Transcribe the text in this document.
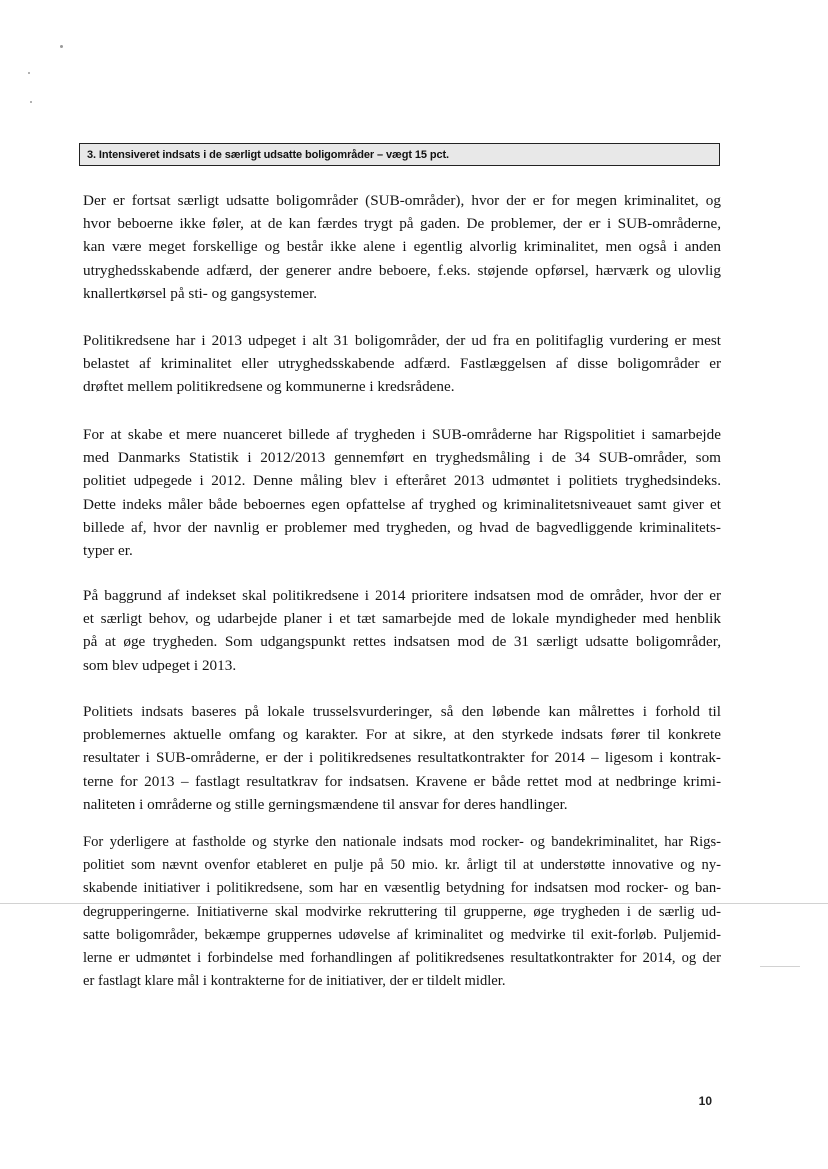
3. Intensiveret indsats i de særligt udsatte boligområder – vægt 15 pct.
Der er fortsat særligt udsatte boligområder (SUB-områder), hvor der er for megen kriminalitet, og
hvor beboerne ikke føler, at de kan færdes trygt på gaden. De problemer, der er i SUB-områderne,
kan være meget forskellige og består ikke alene i egentlig alvorlig kriminalitet, men også i anden
utryghedsskabende adfærd, der generer andre beboere, f.eks. støjende opførsel, hærværk og ulovlig
knallertkørsel på sti- og gangsystemer.
Politikredsene har i 2013 udpeget i alt 31 boligområder, der ud fra en politifaglig vurdering er mest
belastet af kriminalitet eller utryghedsskabende adfærd. Fastlæggelsen af disse boligområder er
drøftet mellem politikredsene og kommunerne i kredsrådene.
For at skabe et mere nuanceret billede af trygheden i SUB-områderne har Rigspolitiet i samarbejde
med Danmarks Statistik i 2012/2013 gennemført en tryghedsmåling i de 34 SUB-områder, som
politiet udpegede i 2012. Denne måling blev i efteråret 2013 udmøntet i politiets tryghedsindeks.
Dette indeks måler både beboernes egen opfattelse af tryghed og kriminalitetsniveauet samt giver et
billede af, hvor der navnlig er problemer med trygheden, og hvad de bagvedliggende kriminalitets-
typer er.
På baggrund af indekset skal politikredsene i 2014 prioritere indsatsen mod de områder, hvor der er
et særligt behov, og udarbejde planer i et tæt samarbejde med de lokale myndigheder med henblik
på at øge trygheden. Som udgangspunkt rettes indsatsen mod de 31 særligt udsatte boligområder,
som blev udpeget i 2013.
Politiets indsats baseres på lokale trusselsvurderinger, så den løbende kan målrettes i forhold til
problemernes aktuelle omfang og karakter. For at sikre, at den styrkede indsats fører til konkrete
resultater i SUB-områderne, er der i politikredsenes resultatkontrakter for 2014 – ligesom i kontrak-
terne for 2013 – fastlagt resultatkrav for indsatsen. Kravene er både rettet mod at nedbringe krimi-
naliteten i områderne og stille gerningsmændene til ansvar for deres handlinger.
For yderligere at fastholde og styrke den nationale indsats mod rocker- og bandekriminalitet, har Rigs-
politiet som nævnt ovenfor etableret en pulje på 50 mio. kr. årligt til at understøtte innovative og ny-
skabende initiativer i politikredsene, som har en væsentlig betydning for indsatsen mod rocker- og ban-
degrupperingerne. Initiativerne skal modvirke rekruttering til grupperne, øge trygheden i de særlig ud-
satte boligområder, bekæmpe gruppernes udøvelse af kriminalitet og medvirke til exit-forløb. Puljemid-
lerne er udmøntet i forbindelse med forhandlingen af politikredsenes resultatkontrakter for 2014, og der
er fastlagt klare mål i kontrakterne for de initiativer, der er tildelt midler.
10
